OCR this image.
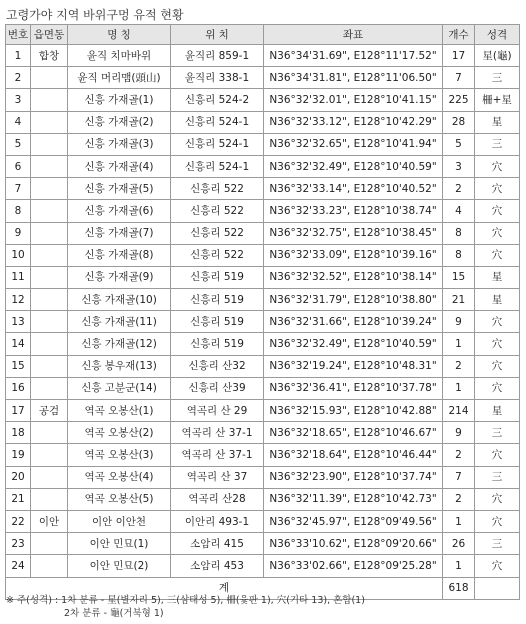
고령가야 지역 바위구멍 유적 현황
번호	읍면동	명 칭	위 치	좌표	개수	성격
1	합창	윤직 치마바위	윤직리 859-1	N36°34'31.69", E128°11'17.52"	17	星(龜)
2		윤직 머리맴(頭山)	윤직리 338-1	N36°34'31.81", E128°11'06.50"	7	三
3		신흥 가재골(1)	신흥리 524-2	N36°32'32.01", E128°10'41.15"	225	柵+星
4		신흥 가재골(2)	신흥리 524-1	N36°32'33.12", E128°10'42.29"	28	星
5		신흥 가재골(3)	신흥리 524-1	N36°32'32.65", E128°10'41.94"	5	三
6		신흥 가재골(4)	신흥리 524-1	N36°32'32.49", E128°10'40.59"	3	穴
7		신흥 가재골(5)	신흥리 522	N36°32'33.14", E128°10'40.52"	2	穴
8		신흥 가재골(6)	신흥리 522	N36°32'33.23", E128°10'38.74"	4	穴
9		신흥 가재골(7)	신흥리 522	N36°32'32.75", E128°10'38.45"	8	穴
10		신흥 가재골(8)	신흥리 522	N36°32'33.09", E128°10'39.16"	8	穴
11		신흥 가재골(9)	신흥리 519	N36°32'32.52", E128°10'38.14"	15	星
12		신흥 가재골(10)	신흥리 519	N36°32'31.79", E128°10'38.80"	21	星
13		신흥 가재골(11)	신흥리 519	N36°32'31.66", E128°10'39.24"	9	穴
14		신흥 가재골(12)	신흥리 519	N36°32'32.49", E128°10'40.59"	1	穴
15		신흥 봉우재(13)	신흥리 산32	N36°32'19.24", E128°10'48.31"	2	穴
16		신흥 고분군(14)	신흥리 산39	N36°32'36.41", E128°10'37.78"	1	穴
17	공검	역곡 오봉산(1)	역곡리 산 29	N36°32'15.93", E128°10'42.88"	214	星
18		역곡 오봉산(2)	역곡리 산 37-1	N36°32'18.65", E128°10'46.67"	9	三
19		역곡 오봉산(3)	역곡리 산 37-1	N36°32'18.64", E128°10'46.44"	2	穴
20		역곡 오봉산(4)	역곡리 산 37	N36°32'23.90", E128°10'37.74"	7	三
21		역곡 오봉산(5)	역곡리 산28	N36°32'11.39", E128°10'42.73"	2	穴
22	이안	이안 이안천	이안리 493-1	N36°32'45.97", E128°09'49.56"	1	穴
23		이안 민묘(1)	소암리 415	N36°33'10.62", E128°09'20.66"	26	三
24		이안 민묘(2)	소암리 453	N36°33'02.66", E128°09'25.28"	1	穴
계					618	
※ 주(성격) : 1차 분류 - 星(별자리 5), 三(삼태성 5), 柵(윷판 1), 穴(기타 13), 혼합(1)
2차 분류 - 龜(거북형 1)
